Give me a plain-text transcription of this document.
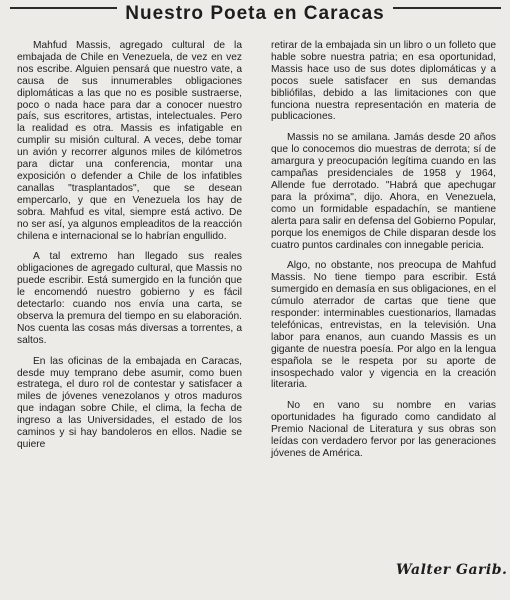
Nuestro Poeta en Caracas

Mahfud Massis, agregado cultural de la embajada de Chile en Venezuela, de vez en vez nos escribe. Alguien pensará que nuestro vate, a causa de sus innumerables obligaciones diplomáticas a las que no es posible sustraerse, poco o nada hace para dar a conocer nuestro país, sus escritores, artistas, intelectuales. Pero la realidad es otra. Massis es infatigable en cumplir su misión cultural. A veces, debe tomar un avión y recorrer algunos miles de kilómetros para dictar una conferencia, montar una exposición o defender a Chile de los infatibles canallas "trasplantados", que se desean empercarlo, y que en Venezuela los hay de sobra. Mahfud es vital, siempre está activo. De no ser así, ya algunos empleaditos de la reacción chilena e internacional se lo habrían engullido.

A tal extremo han llegado sus reales obligaciones de agregado cultural, que Massis no puede escribir. Está sumergido en la función que le encomendó nuestro gobierno y es fácil detectarlo: cuando nos envía una carta, se observa la premura del tiempo en su elaboración. Nos cuenta las cosas más diversas a torrentes, a saltos.

En las oficinas de la embajada en Caracas, desde muy temprano debe asumir, como buen estratega, el duro rol de contestar y satisfacer a miles de jóvenes venezolanos y otros maduros que indagan sobre Chile, el clima, la fecha de ingreso a las Universidades, el estado de los caminos y si hay bandoleros en ellos. Nadie se quiere

retirar de la embajada sin un libro o un folleto que hable sobre nuestra patria; en esa oportunidad, Massis hace uso de sus dotes diplomáticas y a pocos suele satisfacer en sus demandas bibliófilas, debido a las limitaciones con que funciona nuestra representación en materia de publicaciones.

Massis no se amilana. Jamás desde 20 años que lo conocemos dio muestras de derrota; sí de amargura y preocupación legítima cuando en las campañas presidenciales de 1958 y 1964, Allende fue derrotado. "Habrá que apechugar para la próxima", dijo. Ahora, en Venezuela, como un formidable espadachín, se mantiene alerta para salir en defensa del Gobierno Popular, porque los enemigos de Chile disparan desde los cuatro puntos cardinales con innegable pericia.

Algo, no obstante, nos preocupa de Mahfud Massis. No tiene tiempo para escribir. Está sumergido en demasía en sus obligaciones, en el cúmulo aterrador de cartas que tiene que responder: interminables cuestionarios, llamadas telefónicas, entrevistas, en la televisión. Una labor para enanos, aun cuando Massis es un gigante de nuestra poesía. Por algo en la lengua española se le respeta por su aporte de insospechado valor y vigencia en la creación literaria.

No en vano su nombre en varias oportunidades ha figurado como candidato al Premio Nacional de Literatura y sus obras son leídas con verdadero fervor por las generaciones jóvenes de América.

Walter Garib.
